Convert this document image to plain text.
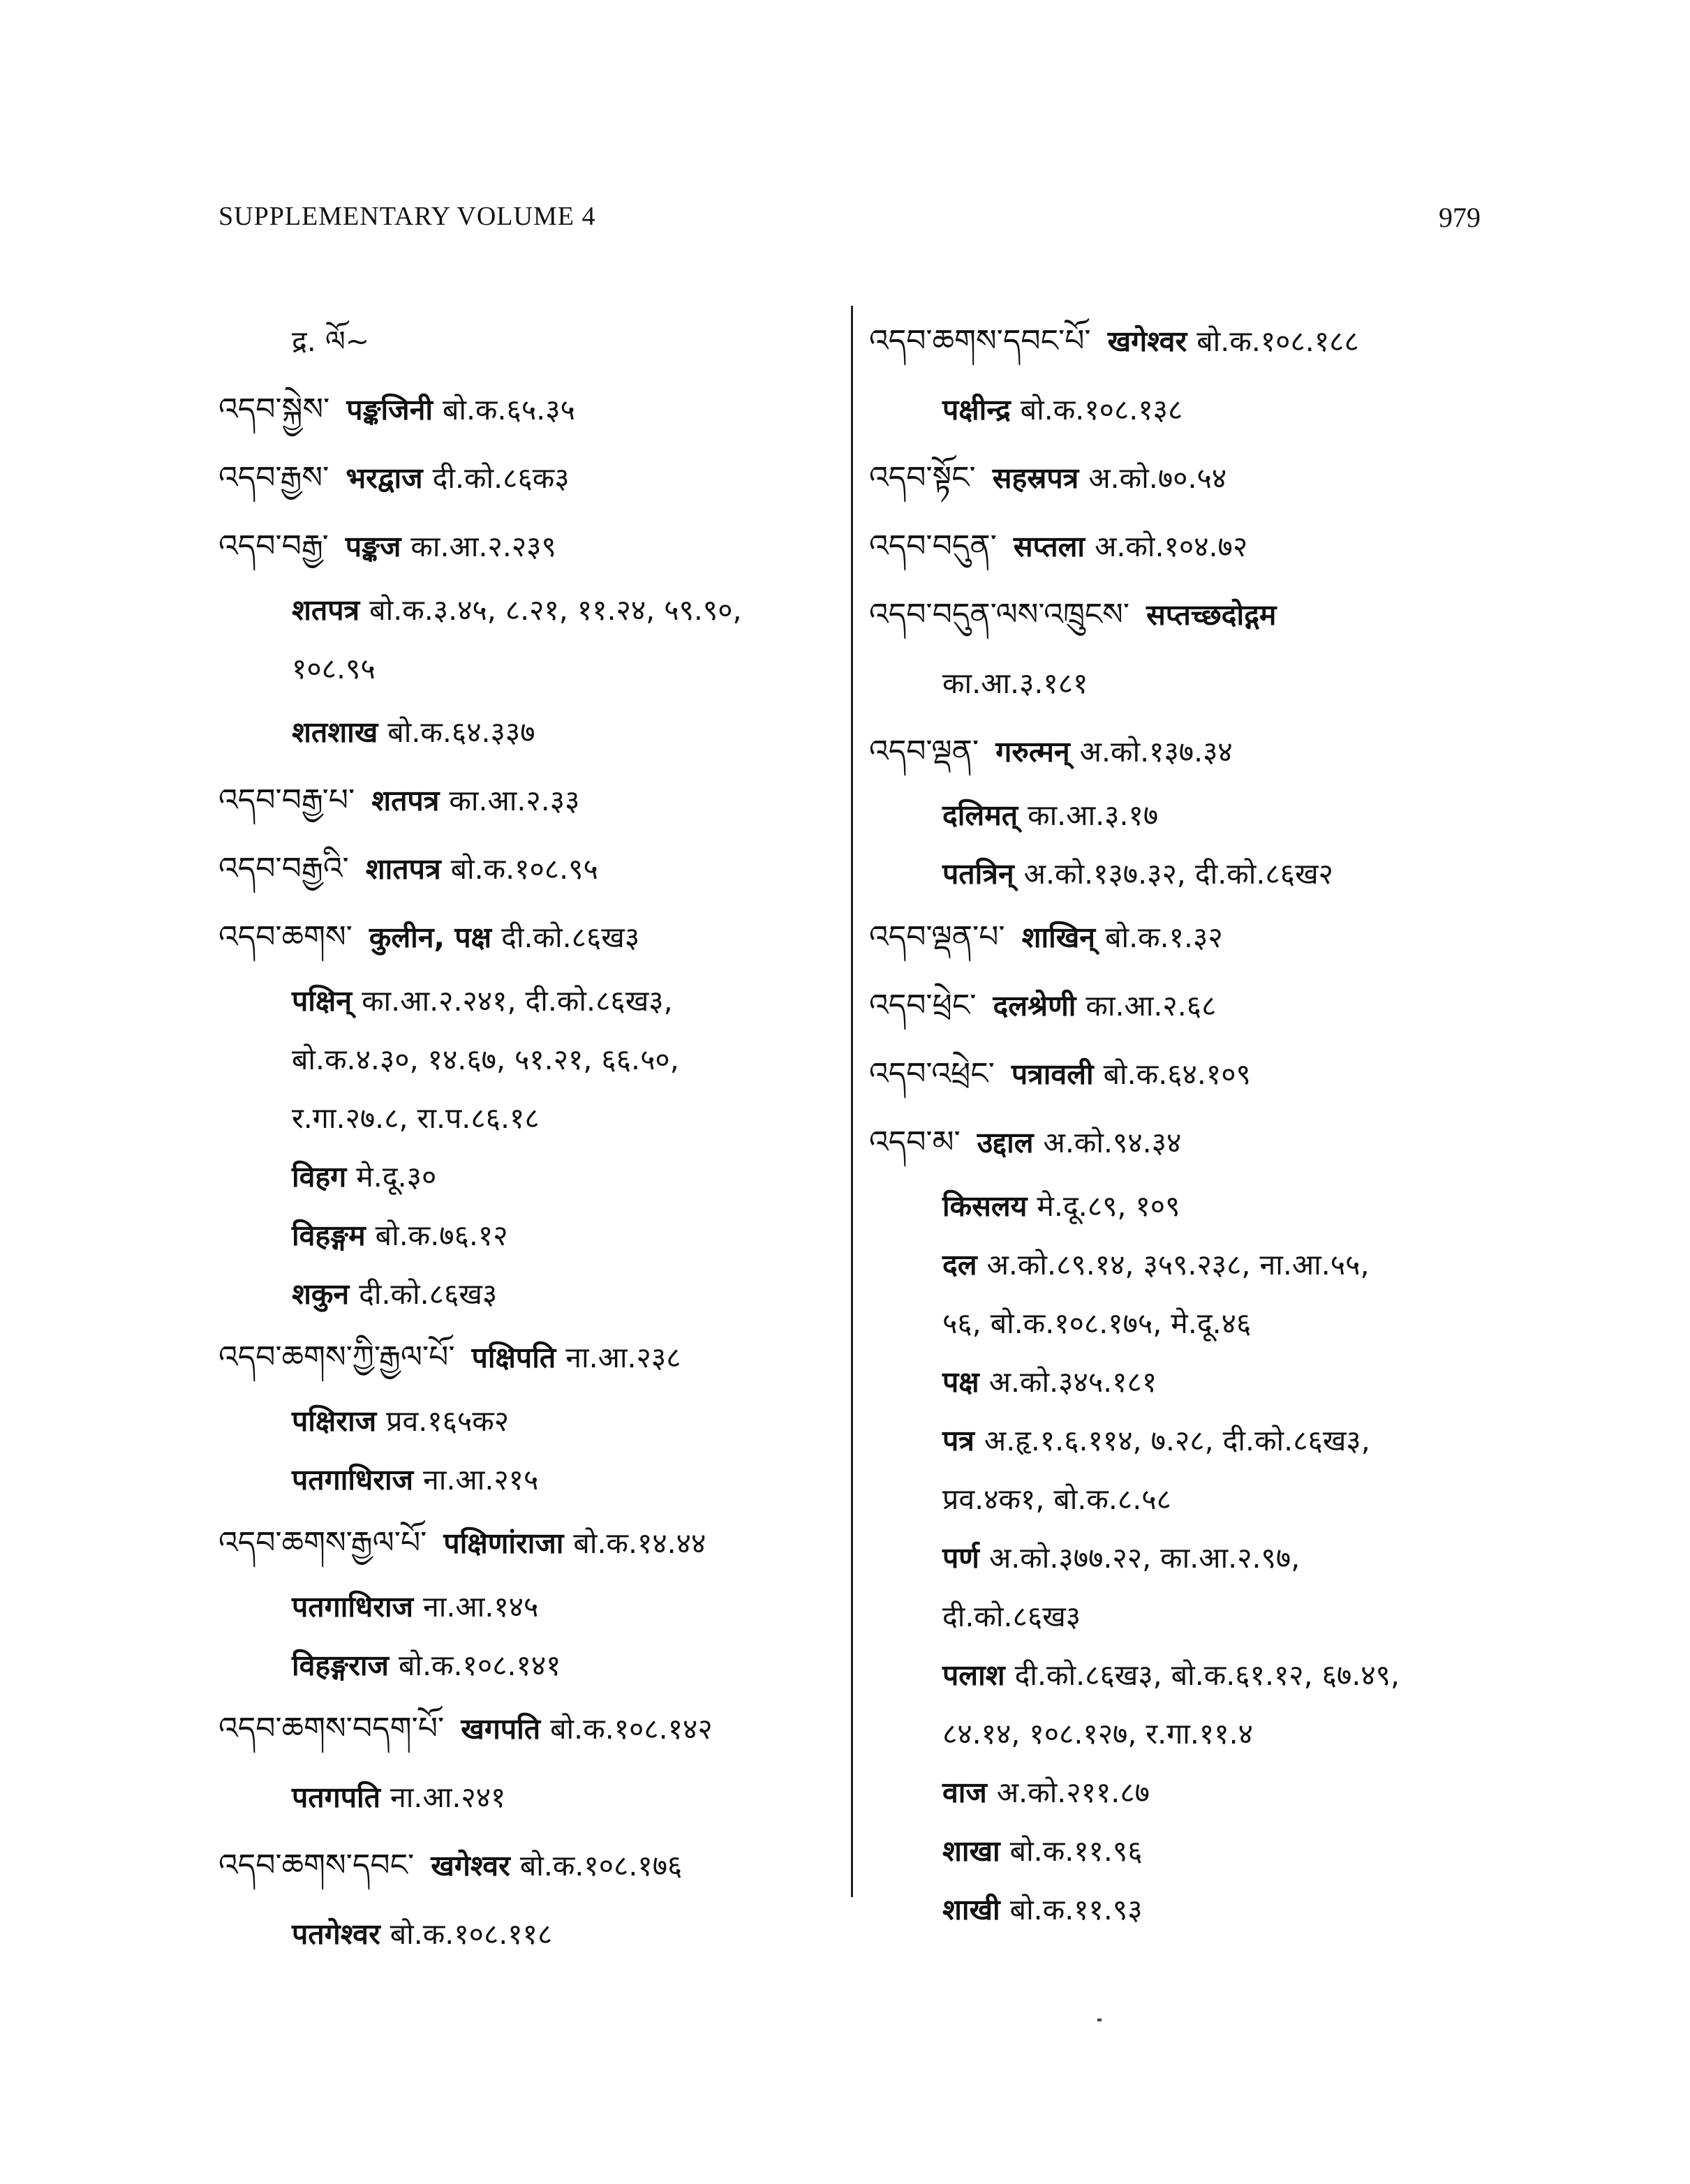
SUPPLEMENTARY VOLUME 4	979
द्र. ལོ~
འདབ་སྐྱེས་ पङ्कजिनी बो.क.६५.३५
འདབ་རྒྱས་ भरद्वाज दी.को.८६क३
འདབ་བརྒྱ་ पङ्कज का.आ.२.२३९
शतपत्र बो.क.३.४५, ८.२१, ११.२४, ५९.९०,
१०८.९५
शतशाख बो.क.६४.३३७
འདབ་བརྒྱ་པ་ शतपत्र का.आ.२.३३
འདབ་བརྒྱའི་ शातपत्र बो.क.१०८.९५
འདབ་ཆགས་ कुलीन, पक्ष दी.को.८६ख३
पक्षिन् का.आ.२.२४१, दी.को.८६ख३,
बो.क.४.३०, १४.६७, ५१.२१, ६६.५०,
र.गा.२७.८, रा.प.८६.१८
विहग मे.दू.३०
विहङ्गम बो.क.७६.१२
शकुन दी.को.८६ख३
འདབ་ཆགས་ཀྱི་རྒྱལ་པོ་ पक्षिपति ना.आ.२३८
पक्षिराज प्रव.१६५क२
पतगाधिराज ना.आ.२१५
འདབ་ཆགས་རྒྱལ་པོ་ पक्षिणांराजा बो.क.१४.४४
पतगाधिराज ना.आ.१४५
विहङ्गराज बो.क.१०८.१४१
འདབ་ཆགས་བདག་པོ་ खगपति बो.क.१०८.१४२
पतगपति ना.आ.२४१
འདབ་ཆགས་དབང་ खगेश्वर बो.क.१०८.१७६
पतगेश्वर बो.क.१०८.११८
འདབ་ཆགས་དབང་པོ་ खगेश्वर बो.क.१०८.१८८
पक्षीन्द्र बो.क.१०८.१३८
འདབ་སྟོང་ सहस्रपत्र अ.को.७०.५४
འདབ་བདུན་ सप्तला अ.को.१०४.७२
འདབ་བདུན་ལས་འཁྲུངས་ सप्तच्छदोद्गम
का.आ.३.१८१
འདབ་ལྡན་ गरुत्मन् अ.को.१३७.३४
दलिमत् का.आ.३.१७
पतत्रिन् अ.को.१३७.३२, दी.को.८६ख२
འདབ་ལྡན་པ་ शाखिन् बो.क.१.३२
འདབ་ཕྲེང་ दलश्रेणी का.आ.२.६८
འདབ་འཕྲེང་ पत्रावली बो.क.६४.१०९
འདབ་མ་ उद्दाल अ.को.९४.३४
किसलय मे.दू.८९, १०९
दल अ.को.८९.१४, ३५९.२३८, ना.आ.५५,
५६, बो.क.१०८.१७५, मे.दू.४६
पक्ष अ.को.३४५.१८१
पत्र अ.हृ.१.६.११४, ७.२८, दी.को.८६ख३,
प्रव.४क१, बो.क.८.५८
पर्ण अ.को.३७७.२२, का.आ.२.९७,
दी.को.८६ख३
पलाश दी.को.८६ख३, बो.क.६१.१२, ६७.४९,
८४.१४, १०८.१२७, र.गा.११.४
वाज अ.को.२११.८७
शाखा बो.क.११.९६
शाखी बो.क.११.९३
